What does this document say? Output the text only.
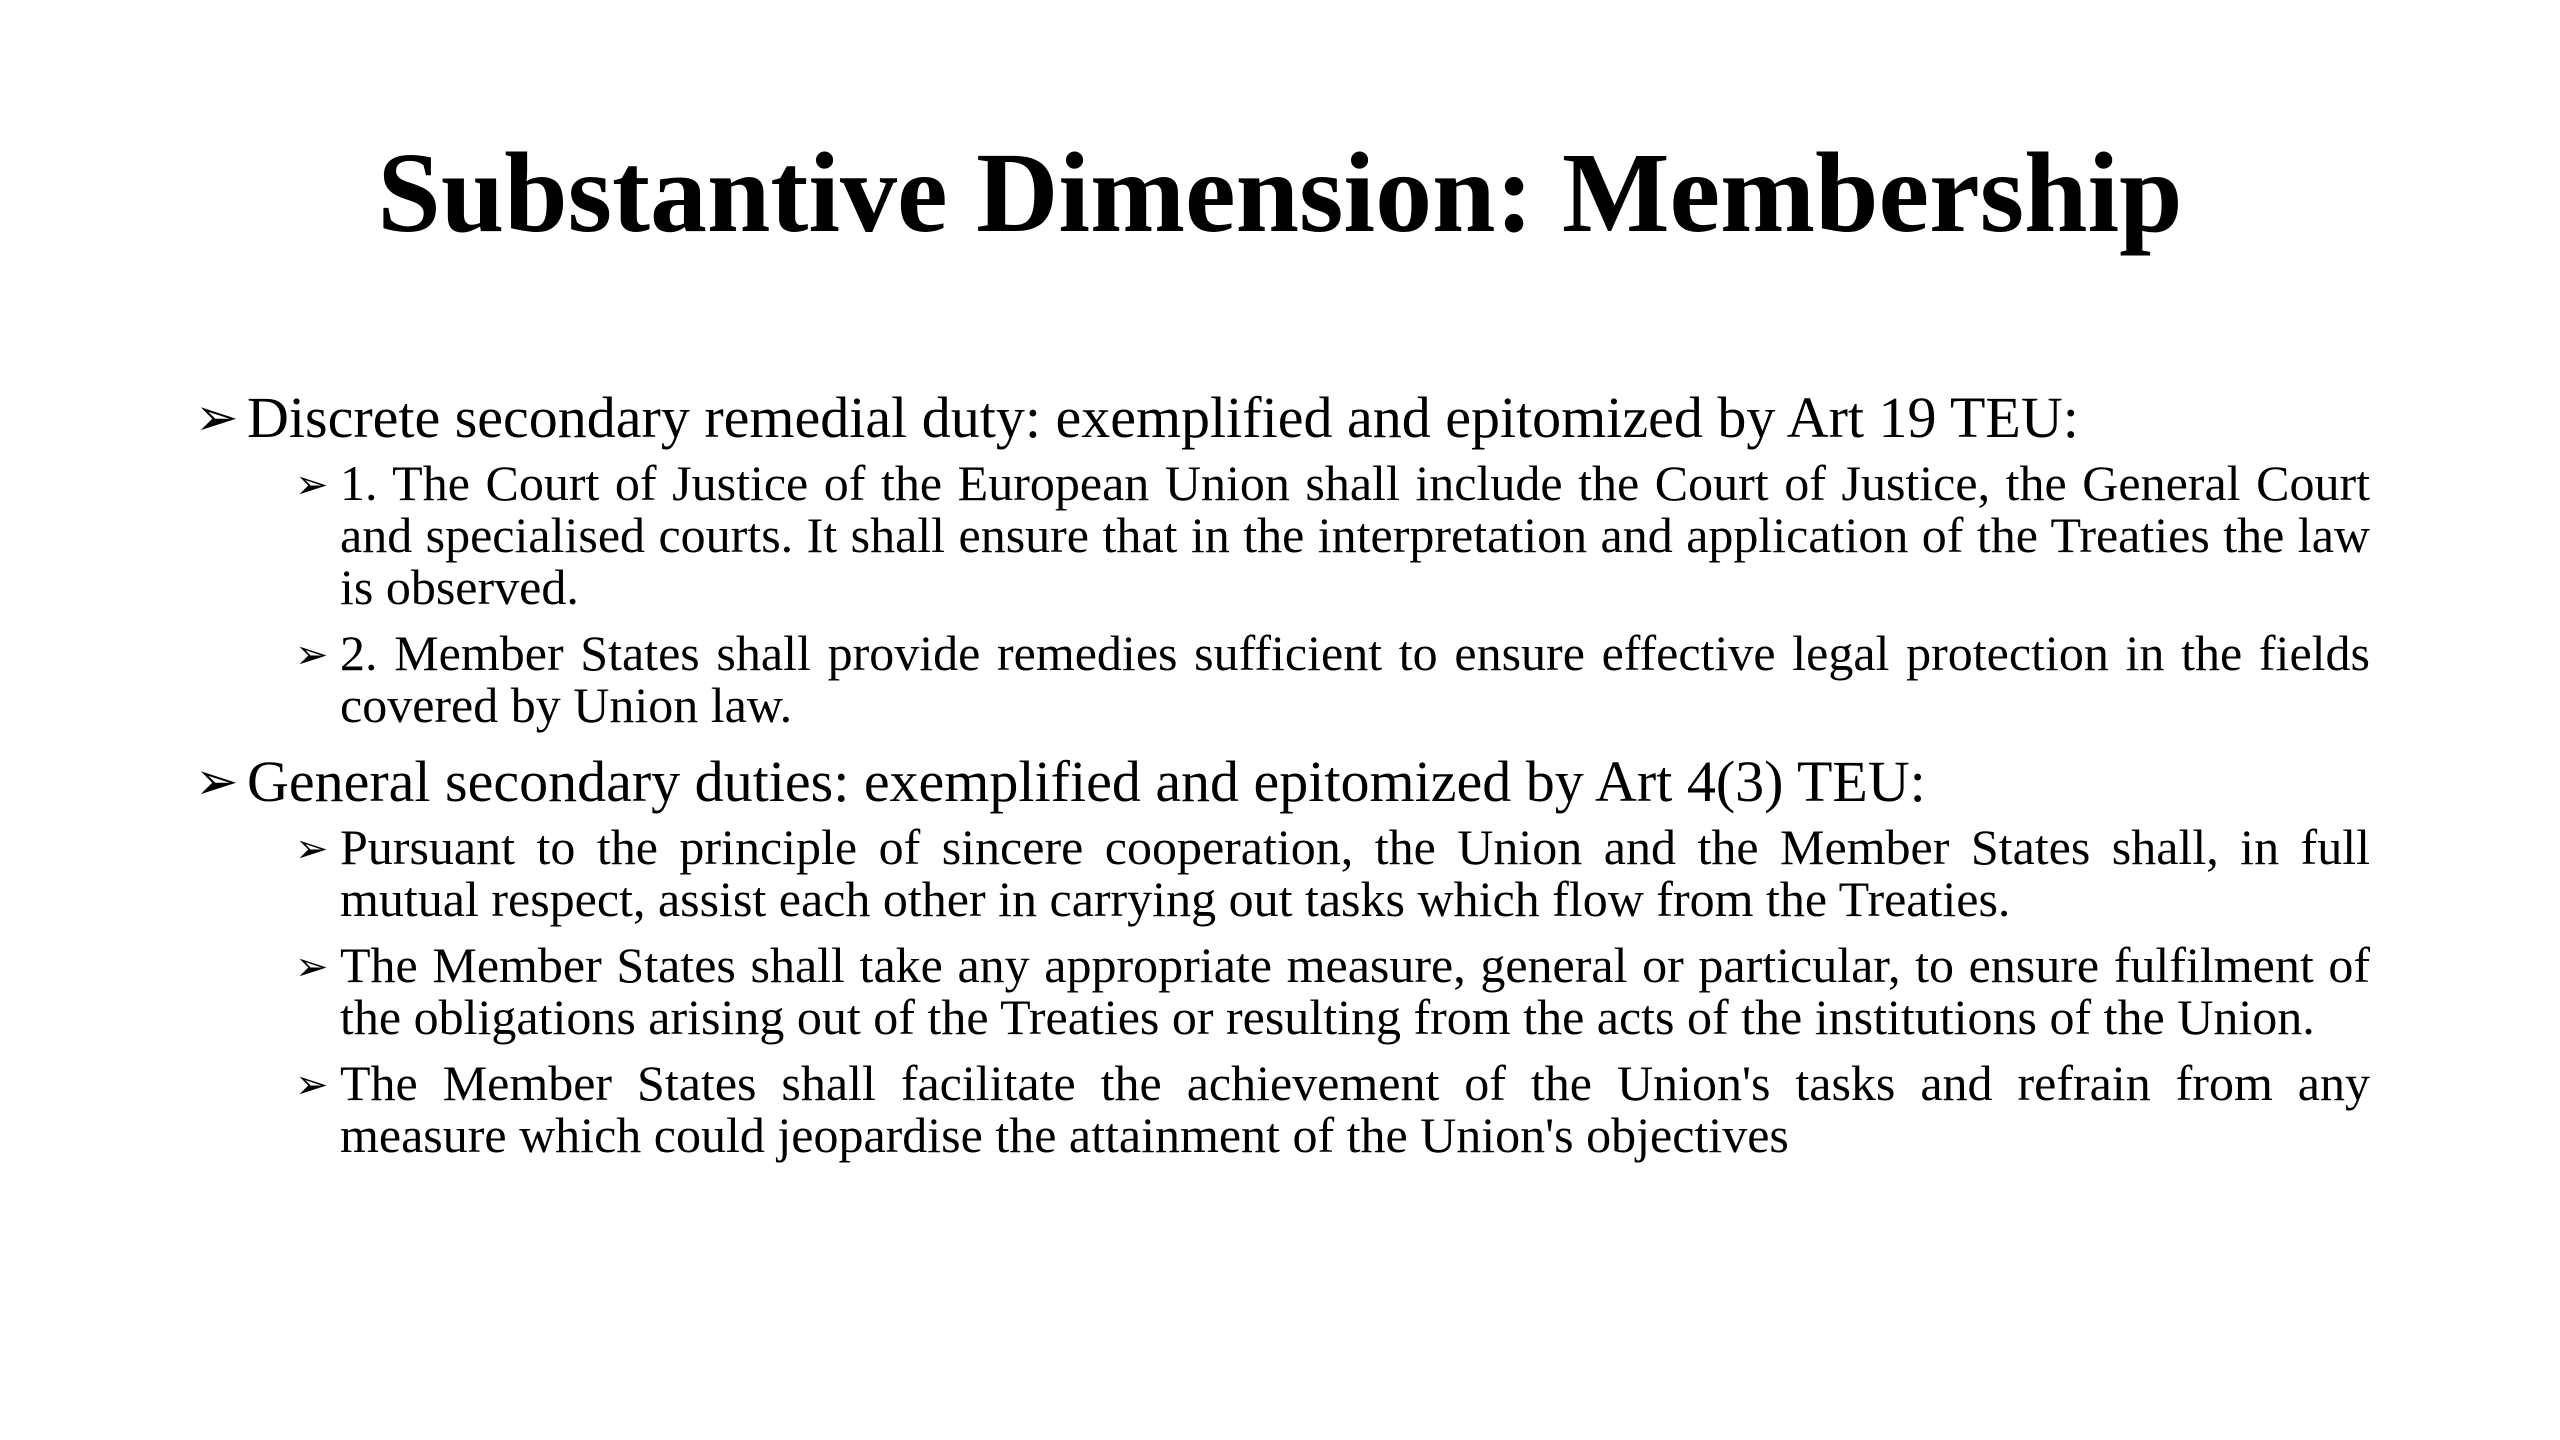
Substantive Dimension: Membership
➢ Discrete secondary remedial duty: exemplified and epitomized by Art 19 TEU:
➢ 1. The Court of Justice of the European Union shall include the Court of Justice, the General Court and specialised courts. It shall ensure that in the interpretation and application of the Treaties the law is observed.
➢ 2. Member States shall provide remedies sufficient to ensure effective legal protection in the fields covered by Union law.
➢ General secondary duties: exemplified and epitomized by Art 4(3) TEU:
➢ Pursuant to the principle of sincere cooperation, the Union and the Member States shall, in full mutual respect, assist each other in carrying out tasks which flow from the Treaties.
➢ The Member States shall take any appropriate measure, general or particular, to ensure fulfilment of the obligations arising out of the Treaties or resulting from the acts of the institutions of the Union.
➢ The Member States shall facilitate the achievement of the Union's tasks and refrain from any measure which could jeopardise the attainment of the Union's objectives
